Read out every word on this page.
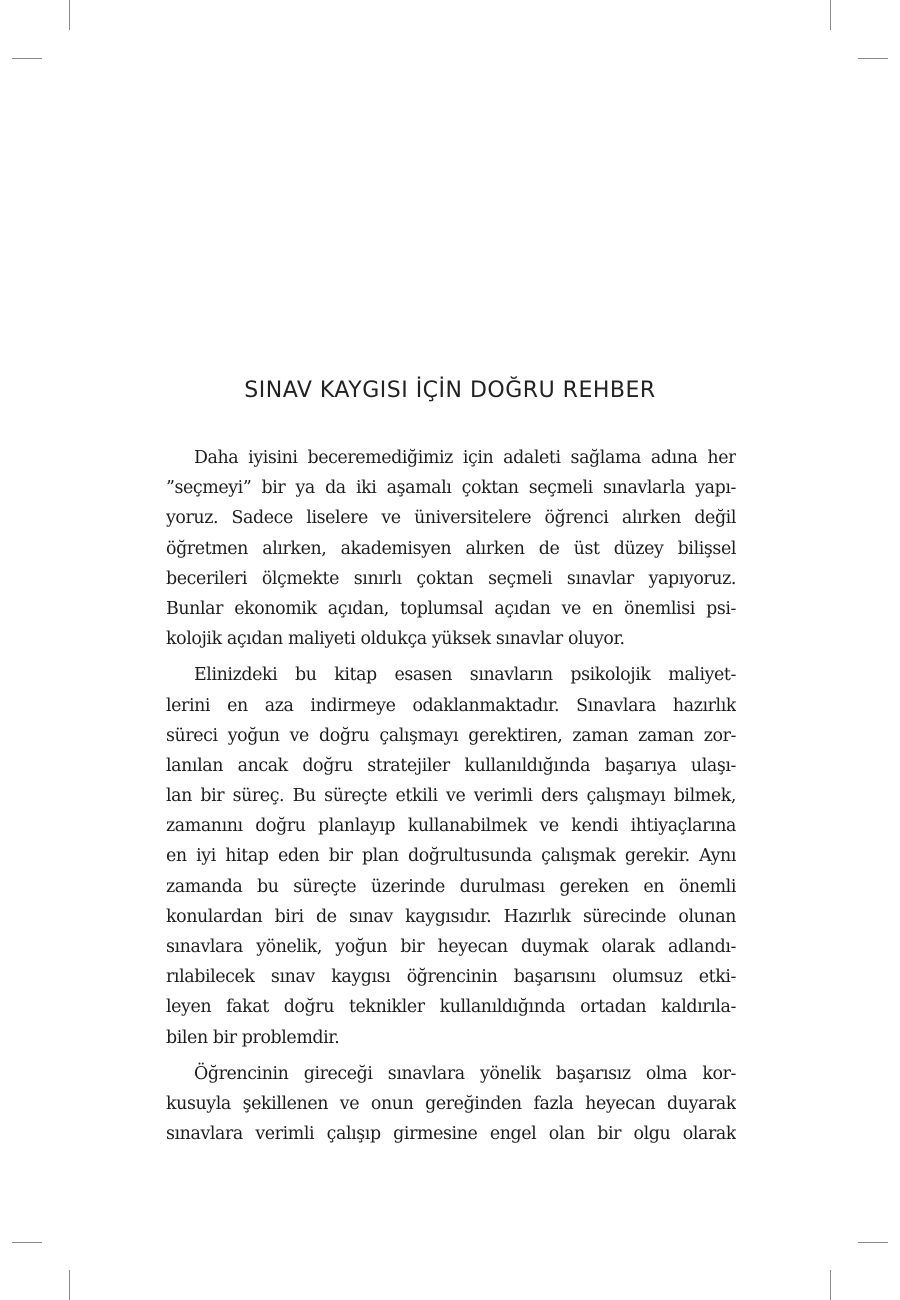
SINAV KAYGISI İÇİN DOĞRU REHBER
Daha iyisini beceremediğimiz için adaleti sağlama adına her
”seçmeyi” bir ya da iki aşamalı çoktan seçmeli sınavlarla yapı-
yoruz. Sadece liselere ve üniversitelere öğrenci alırken değil
öğretmen alırken, akademisyen alırken de üst düzey bilişsel
becerileri ölçmekte sınırlı çoktan seçmeli sınavlar yapıyoruz.
Bunlar ekonomik açıdan, toplumsal açıdan ve en önemlisi psi-
kolojik açıdan maliyeti oldukça yüksek sınavlar oluyor.
Elinizdeki bu kitap esasen sınavların psikolojik maliyet-
lerini en aza indirmeye odaklanmaktadır. Sınavlara hazırlık
süreci yoğun ve doğru çalışmayı gerektiren, zaman zaman zor-
lanılan ancak doğru stratejiler kullanıldığında başarıya ulaşı-
lan bir süreç. Bu süreçte etkili ve verimli ders çalışmayı bilmek,
zamanını doğru planlayıp kullanabilmek ve kendi ihtiyaçlarına
en iyi hitap eden bir plan doğrultusunda çalışmak gerekir. Aynı
zamanda bu süreçte üzerinde durulması gereken en önemli
konulardan biri de sınav kaygısıdır. Hazırlık sürecinde olunan
sınavlara yönelik, yoğun bir heyecan duymak olarak adlandı-
rılabilecek sınav kaygısı öğrencinin başarısını olumsuz etki-
leyen fakat doğru teknikler kullanıldığında ortadan kaldırıla-
bilen bir problemdir.
Öğrencinin gireceği sınavlara yönelik başarısız olma kor-
kusuyla şekillenen ve onun gereğinden fazla heyecan duyarak
sınavlara verimli çalışıp girmesine engel olan bir olgu olarak
